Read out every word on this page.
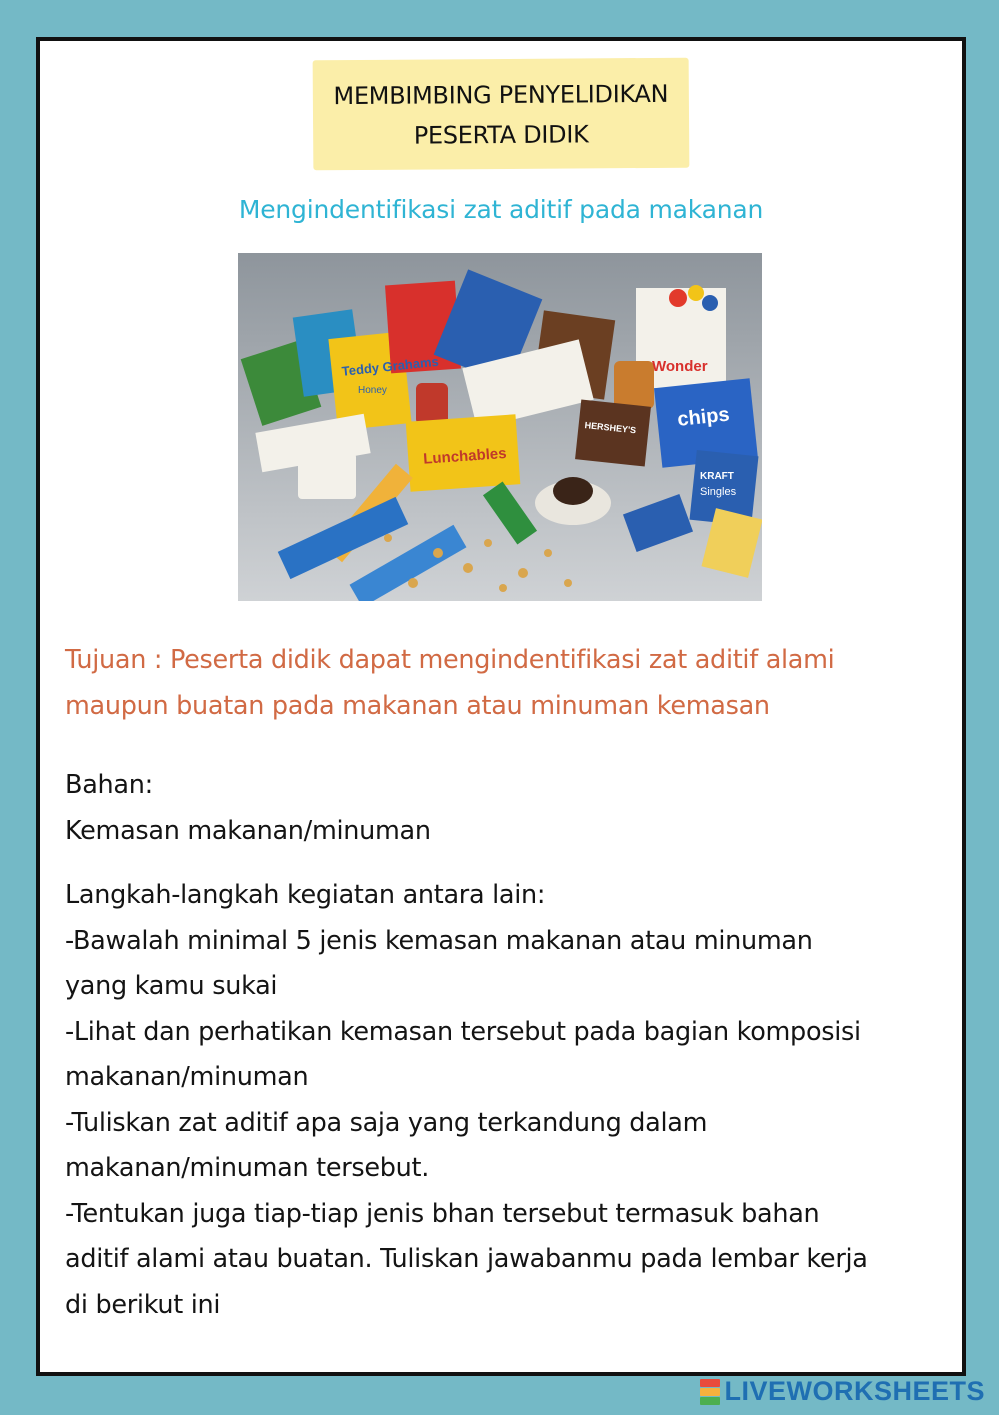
MEMBIMBING PENYELIDIKAN
PESERTA DIDIK
Mengindentifikasi zat aditif pada makanan
Teddy Grahams
Honey
Lunchables
Wonder
HERSHEY'S
KRAFT
Singles
chips
Tujuan : Peserta didik dapat mengindentifikasi zat aditif alami
maupun buatan pada makanan atau minuman kemasan
Bahan:
Kemasan makanan/minuman
Langkah-langkah kegiatan antara lain:
-Bawalah minimal 5 jenis kemasan makanan atau minuman
yang kamu sukai
-Lihat dan perhatikan kemasan tersebut pada bagian komposisi
makanan/minuman
-Tuliskan zat aditif apa saja yang terkandung dalam
makanan/minuman tersebut.
-Tentukan juga tiap-tiap jenis bhan tersebut termasuk bahan
aditif alami atau buatan. Tuliskan jawabanmu pada lembar kerja
di berikut ini
LIVEWORKSHEETS
